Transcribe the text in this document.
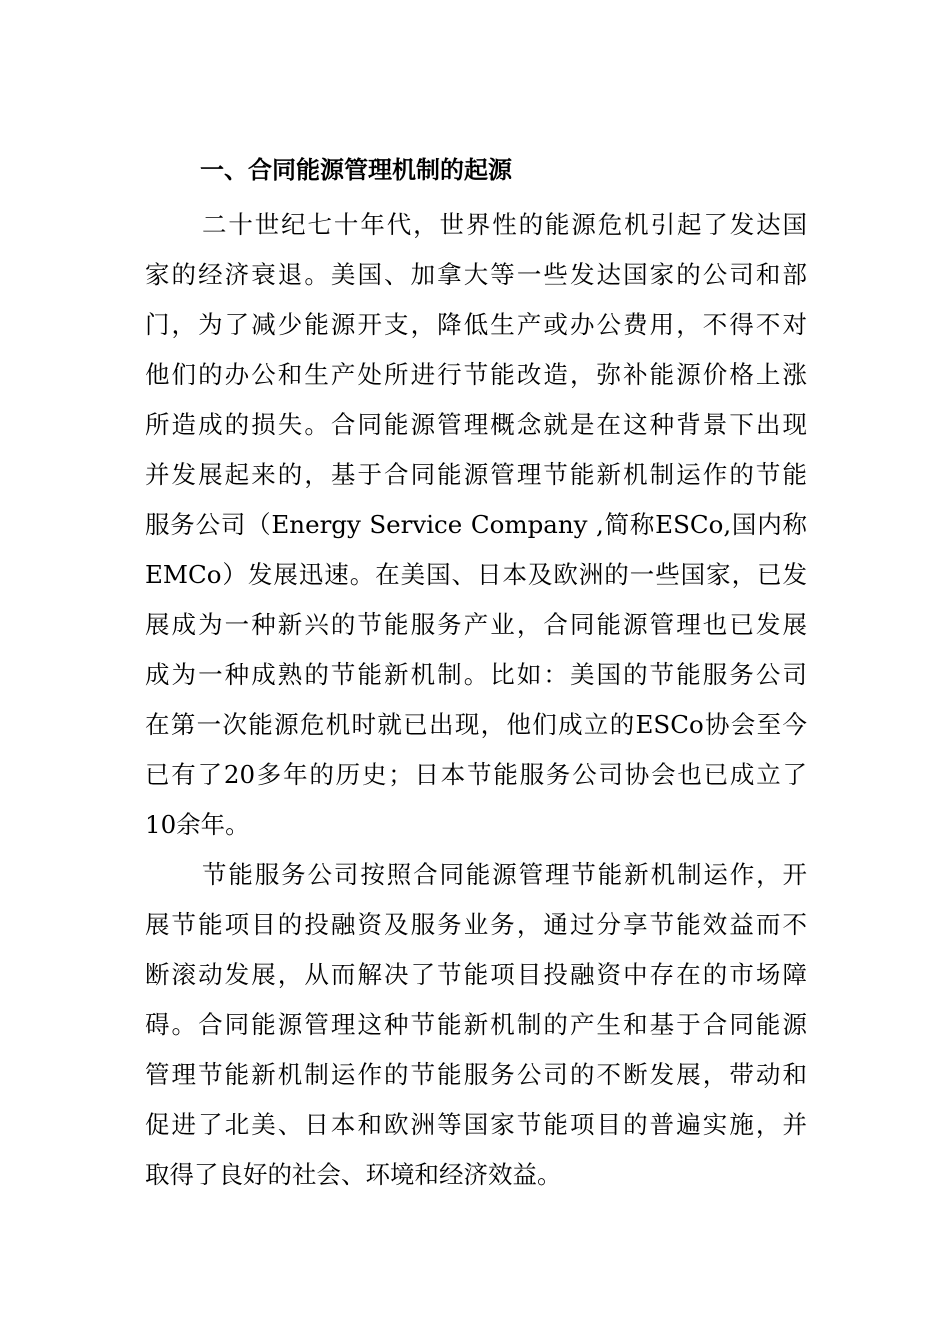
一、合同能源管理机制的起源
二十世纪七十年代，世界性的能源危机引起了发达国
家的经济衰退。美国、加拿大等一些发达国家的公司和部
门，为了减少能源开支，降低生产或办公费用，不得不对
他们的办公和生产处所进行节能改造，弥补能源价格上涨
所造成的损失。合同能源管理概念就是在这种背景下出现
并发展起来的，基于合同能源管理节能新机制运作的节能
服务公司（Energy Service Company ,简称ESCo,国内称
EMCo）发展迅速。在美国、日本及欧洲的一些国家，已发
展成为一种新兴的节能服务产业，合同能源管理也已发展
成为一种成熟的节能新机制。比如：美国的节能服务公司
在第一次能源危机时就已出现，他们成立的ESCo协会至今
已有了20多年的历史；日本节能服务公司协会也已成立了
10余年。
节能服务公司按照合同能源管理节能新机制运作，开
展节能项目的投融资及服务业务，通过分享节能效益而不
断滚动发展，从而解决了节能项目投融资中存在的市场障
碍。合同能源管理这种节能新机制的产生和基于合同能源
管理节能新机制运作的节能服务公司的不断发展，带动和
促进了北美、日本和欧洲等国家节能项目的普遍实施，并
取得了良好的社会、环境和经济效益。
